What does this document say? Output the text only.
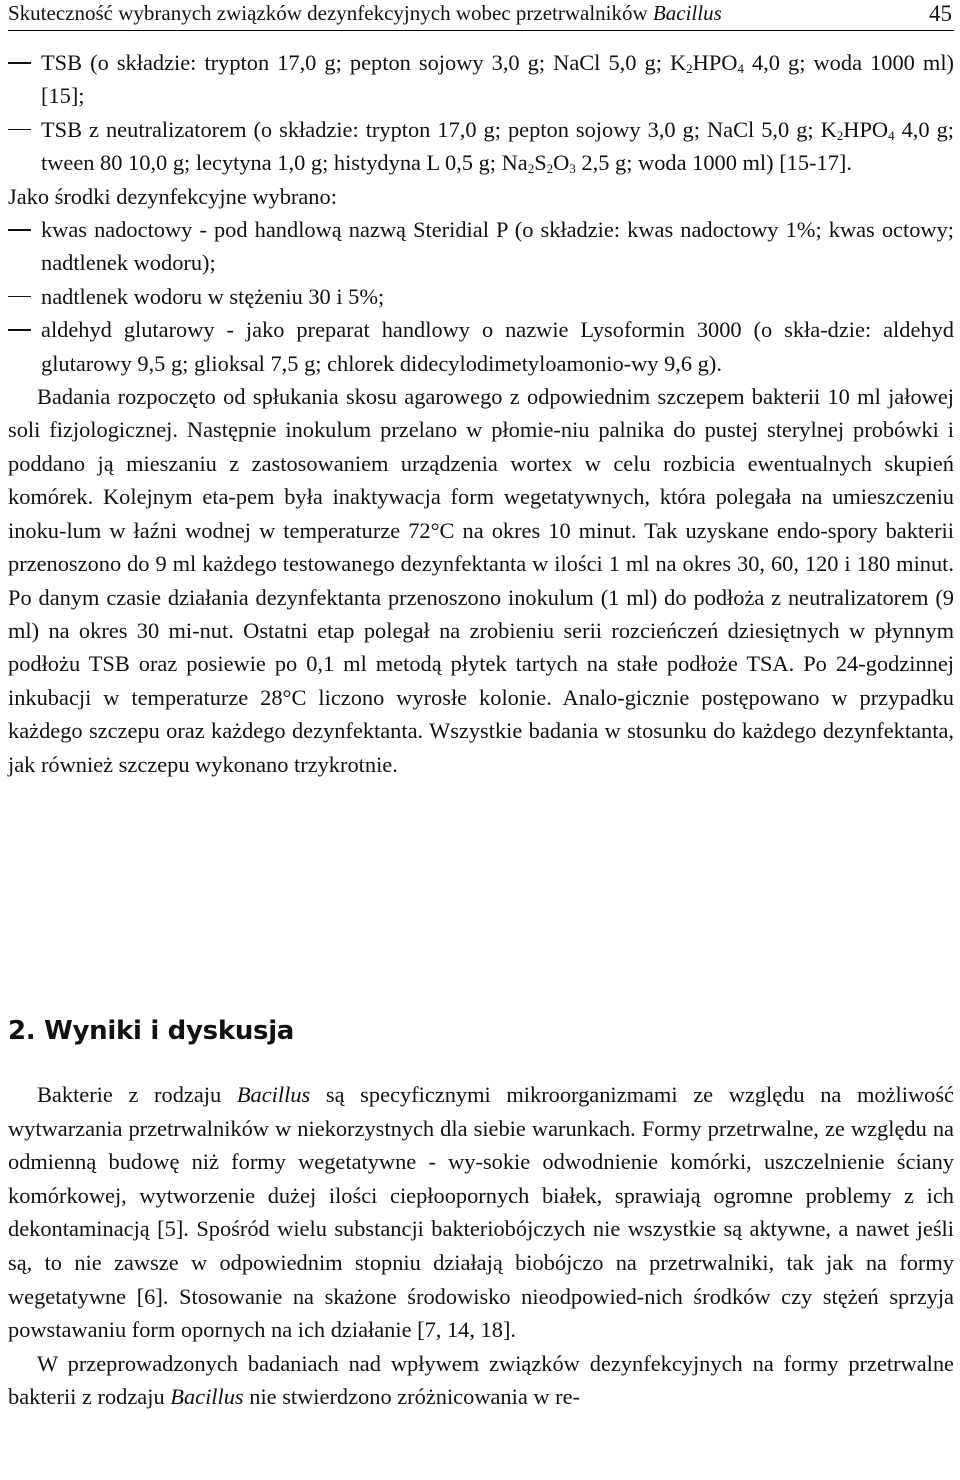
Skuteczność wybranych związków dezynfekcyjnych wobec przetrwalników Bacillus	45
TSB (o składzie: trypton 17,0 g; pepton sojowy 3,0 g; NaCl 5,0 g; $K_2HPO_4$ 4,0 g; woda 1000 ml) [15];
TSB z neutralizatorem (o składzie: trypton 17,0 g; pepton sojowy 3,0 g; NaCl 5,0 g; $K_2HPO_4$ 4,0 g; tween 80 10,0 g; lecytyna 1,0 g; histydyna L 0,5 g; $Na_2S_2O_3$ 2,5 g; woda 1000 ml) [15-17].

Jako środki dezynfekcyjne wybrano:

kwas nadoctowy - pod handlową nazwą Steridial P (o składzie: kwas nadoctowy 1%; kwas octowy; nadtlenek wodoru);
nadtlenek wodoru w stężeniu 30 i 5%;
aldehyd glutarowy - jako preparat handlowy o nazwie Lysoformin 3000 (o skła-dzie: aldehyd glutarowy 9,5 g; glioksal 7,5 g; chlorek didecylodimetyloamonio-wy 9,6 g).

Badania rozpoczęto od spłukania skosu agarowego z odpowiednim szczepem bakterii 10 ml jałowej soli fizjologicznej. Następnie inokulum przelano w płomie-niu palnika do pustej sterylnej probówki i poddano ją mieszaniu z zastosowaniem urządzenia wortex w celu rozbicia ewentualnych skupień komórek. Kolejnym eta-pem była inaktywacja form wegetatywnych, która polegała na umieszczeniu inoku-lum w łaźni wodnej w temperaturze 72°C na okres 10 minut. Tak uzyskane endo-spory bakterii przenoszono do 9 ml każdego testowanego dezynfektanta w ilości 1 ml na okres 30, 60, 120 i 180 minut. Po danym czasie działania dezynfektanta przenoszono inokulum (1 ml) do podłoża z neutralizatorem (9 ml) na okres 30 mi-nut. Ostatni etap polegał na zrobieniu serii rozcieńczeń dziesiętnych w płynnym podłożu TSB oraz posiewie po 0,1 ml metodą płytek tartych na stałe podłoże TSA. Po 24-godzinnej inkubacji w temperaturze 28°C liczono wyrosłe kolonie. Analo-gicznie postępowano w przypadku każdego szczepu oraz każdego dezynfektanta. Wszystkie badania w stosunku do każdego dezynfektanta, jak również szczepu wykonano trzykrotnie.

2. Wyniki i dyskusja

Bakterie z rodzaju Bacillus są specyficznymi mikroorganizmami ze względu na możliwość wytwarzania przetrwalników w niekorzystnych dla siebie warunkach. Formy przetrwalne, ze względu na odmienną budowę niż formy wegetatywne - wy-sokie odwodnienie komórki, uszczelnienie ściany komórkowej, wytworzenie dużej ilości ciepłoopornych białek, sprawiają ogromne problemy z ich dekontaminacją [5]. Spośród wielu substancji bakteriobójczych nie wszystkie są aktywne, a nawet jeśli są, to nie zawsze w odpowiednim stopniu działają biobójczo na przetrwalniki, tak jak na formy wegetatywne [6]. Stosowanie na skażone środowisko nieodpowied-nich środków czy stężeń sprzyja powstawaniu form opornych na ich działanie [7, 14, 18].

W przeprowadzonych badaniach nad wpływem związków dezynfekcyjnych na formy przetrwalne bakterii z rodzaju Bacillus nie stwierdzono zróżnicowania w re-
